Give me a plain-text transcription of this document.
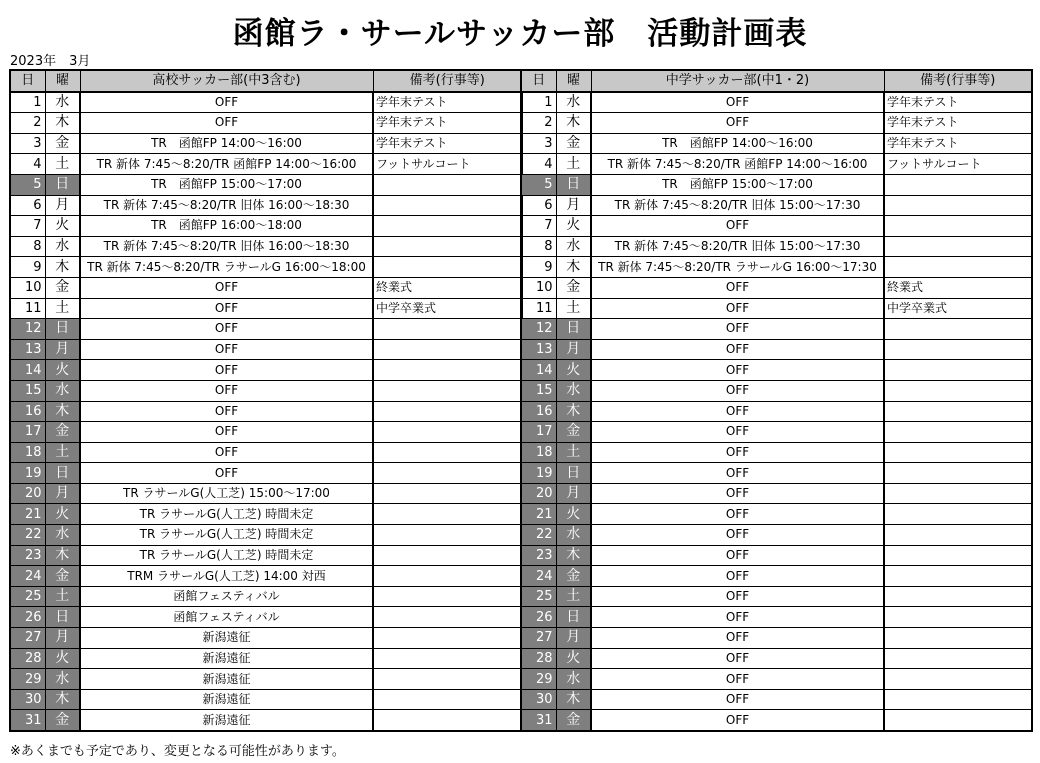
函館ラ・サールサッカー部　活動計画表
2023年　3月
日	曜	高校サッカー部(中3含む)	備考(行事等)
1	水	OFF	学年末テスト
2	木	OFF	学年末テスト
3	金	TR　函館FP 14:00～16:00	学年末テスト
4	土	TR 新体 7:45～8:20/TR 函館FP 14:00～16:00	フットサルコート
5	日	TR　函館FP 15:00～17:00	
6	月	TR 新体 7:45～8:20/TR 旧体 16:00～18:30	
7	火	TR　函館FP 16:00～18:00	
8	水	TR 新体 7:45～8:20/TR 旧体 16:00～18:30	
9	木	TR 新体 7:45～8:20/TR ラサールG 16:00～18:00	
10	金	OFF	終業式
11	土	OFF	中学卒業式
12	日	OFF	
13	月	OFF	
14	火	OFF	
15	水	OFF	
16	木	OFF	
17	金	OFF	
18	土	OFF	
19	日	OFF	
20	月	TR ラサールG(人工芝) 15:00～17:00	
21	火	TR ラサールG(人工芝) 時間未定	
22	水	TR ラサールG(人工芝) 時間未定	
23	木	TR ラサールG(人工芝) 時間未定	
24	金	TRM ラサールG(人工芝) 14:00 対西	
25	土	函館フェスティバル	
26	日	函館フェスティバル	
27	月	新潟遠征	
28	火	新潟遠征	
29	水	新潟遠征	
30	木	新潟遠征	
31	金	新潟遠征	
日	曜	中学サッカー部(中1・2)	備考(行事等)
1	水	OFF	学年末テスト
2	木	OFF	学年末テスト
3	金	TR　函館FP 14:00～16:00	学年末テスト
4	土	TR 新体 7:45～8:20/TR 函館FP 14:00～16:00	フットサルコート
5	日	TR　函館FP 15:00～17:00	
6	月	TR 新体 7:45～8:20/TR 旧体 15:00～17:30	
7	火	OFF	
8	水	TR 新体 7:45～8:20/TR 旧体 15:00～17:30	
9	木	TR 新体 7:45～8:20/TR ラサールG 16:00～17:30	
10	金	OFF	終業式
11	土	OFF	中学卒業式
12	日	OFF	
13	月	OFF	
14	火	OFF	
15	水	OFF	
16	木	OFF	
17	金	OFF	
18	土	OFF	
19	日	OFF	
20	月	OFF	
21	火	OFF	
22	水	OFF	
23	木	OFF	
24	金	OFF	
25	土	OFF	
26	日	OFF	
27	月	OFF	
28	火	OFF	
29	水	OFF	
30	木	OFF	
31	金	OFF	
※あくまでも予定であり、変更となる可能性があります。
